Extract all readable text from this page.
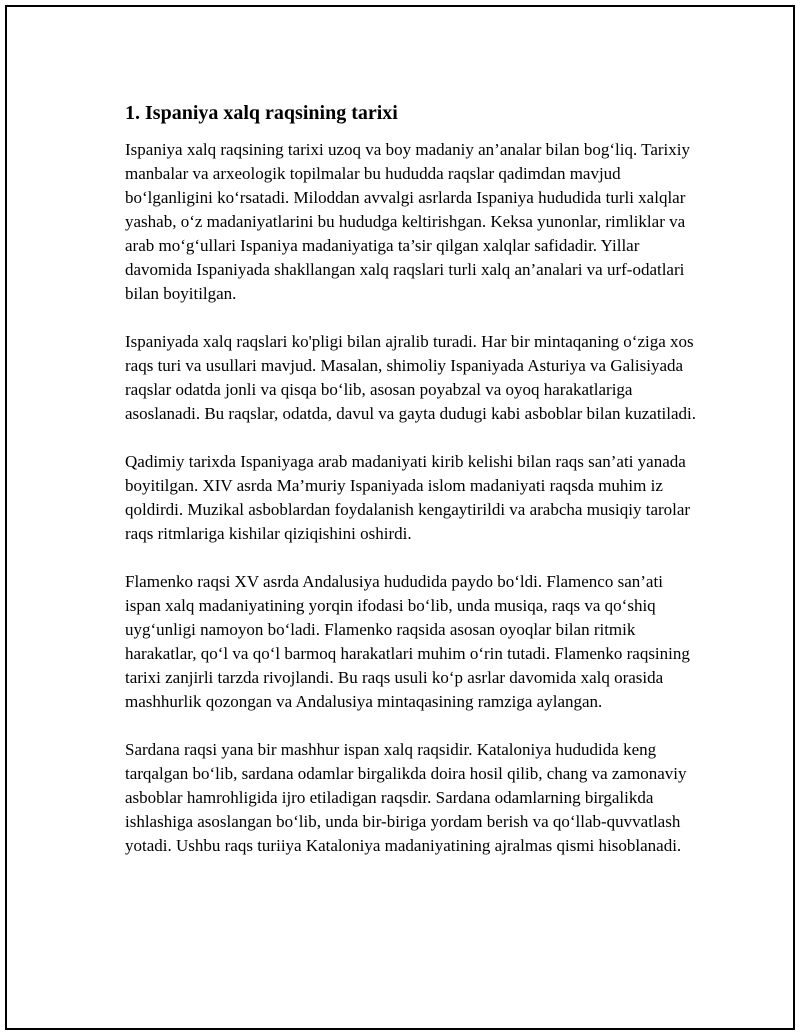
1. Ispaniya xalq raqsining tarixi

Ispaniya xalq raqsining tarixi uzoq va boy madaniy an’analar bilan bog‘liq. Tarixiy manbalar va arxeologik topilmalar bu hududda raqslar qadimdan mavjud bo‘lganligini ko‘rsatadi. Miloddan avvalgi asrlarda Ispaniya hududida turli xalqlar yashab, o‘z madaniyatlarini bu hududga keltirishgan. Keksa yunonlar, rimliklar va arab mo‘g‘ullari Ispaniya madaniyatiga ta’sir qilgan xalqlar safidadir. Yillar davomida Ispaniyada shakllangan xalq raqslari turli xalq an’analari va urf-odatlari bilan boyitilgan.

Ispaniyada xalq raqslari ko'pligi bilan ajralib turadi. Har bir mintaqaning o‘ziga xos raqs turi va usullari mavjud. Masalan, shimoliy Ispaniyada Asturiya va Galisiyada raqslar odatda jonli va qisqa bo‘lib, asosan poyabzal va oyoq harakatlariga asoslanadi. Bu raqslar, odatda, davul va gayta dudugi kabi asboblar bilan kuzatiladi.

Qadimiy tarixda Ispaniyaga arab madaniyati kirib kelishi bilan raqs san’ati yanada boyitilgan. XIV asrda Ma’muriy Ispaniyada islom madaniyati raqsda muhim iz qoldirdi. Muzikal asboblardan foydalanish kengaytirildi va arabcha musiqiy tarolar raqs ritmlariga kishilar qiziqishini oshirdi.

Flamenko raqsi XV asrda Andalusiya hududida paydo bo‘ldi. Flamenco san’ati ispan xalq madaniyatining yorqin ifodasi bo‘lib, unda musiqa, raqs va qo‘shiq uyg‘unligi namoyon bo‘ladi. Flamenko raqsida asosan oyoqlar bilan ritmik harakatlar, qo‘l va qo‘l barmoq harakatlari muhim o‘rin tutadi. Flamenko raqsining tarixi zanjirli tarzda rivojlandi. Bu raqs usuli ko‘p asrlar davomida xalq orasida mashhurlik qozongan va Andalusiya mintaqasining ramziga aylangan.

Sardana raqsi yana bir mashhur ispan xalq raqsidir. Kataloniya hududida keng tarqalgan bo‘lib, sardana odamlar birgalikda doira hosil qilib, chang va zamonaviy asboblar hamrohligida ijro etiladigan raqsdir. Sardana odamlarning birgalikda ishlashiga asoslangan bo‘lib, unda bir-biriga yordam berish va qo‘llab-quvvatlash yotadi. Ushbu raqs turiiya Kataloniya madaniyatining ajralmas qismi hisoblanadi.
